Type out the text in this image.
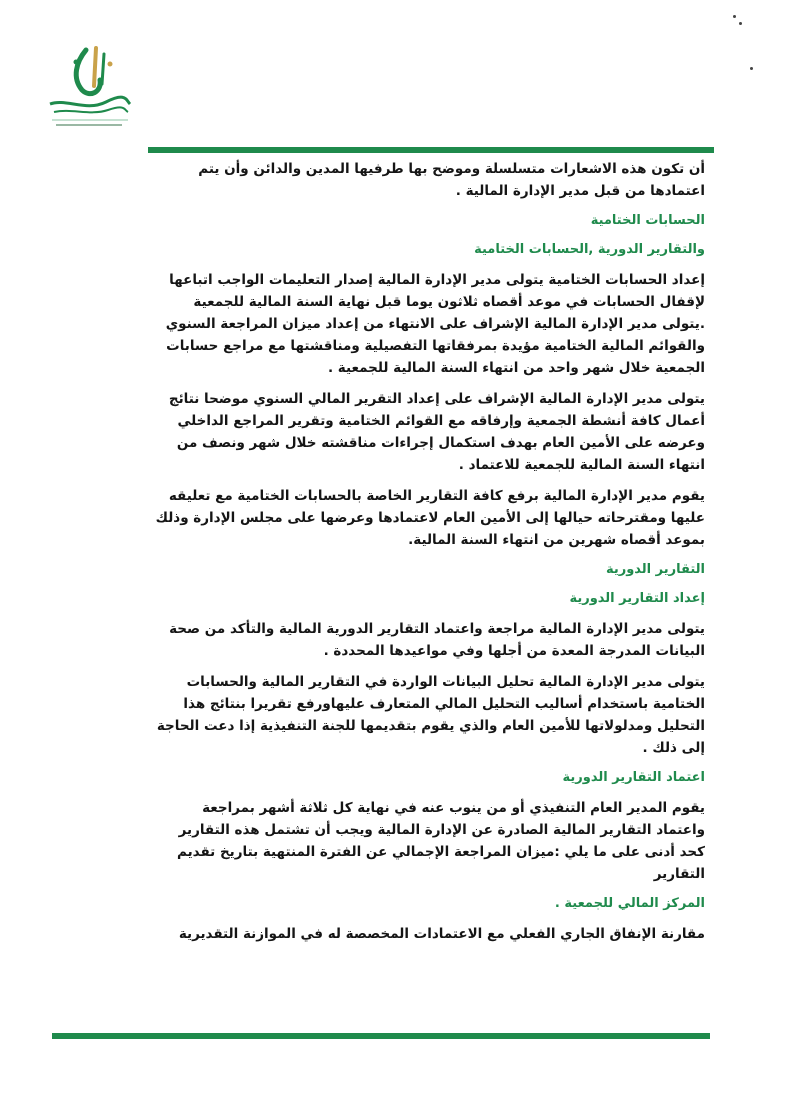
أن تكون هذه الاشعارات متسلسلة وموضح بها طرفيها المدين والدائن وأن يتم اعتمادها من قبل مدير الإدارة المالية .

الحسابات الختامية

والتقارير الدورية ,الحسابات الختامية

إعداد الحسابات الختامية يتولى مدير الإدارة المالية إصدار التعليمات الواجب اتباعها لإقفال الحسابات في موعد أقصاه ثلاثون يوما قبل نهاية السنة المالية للجمعية .يتولى مدير الإدارة المالية الإشراف على الانتهاء من إعداد ميزان المراجعة السنوي والقوائم المالية الختامية مؤيدة بمرفقاتها التفصيلية ومناقشتها مع مراجع حسابات الجمعية خلال شهر واحد من انتهاء السنة المالية للجمعية .

يتولى مدير الإدارة المالية الإشراف على إعداد التقرير المالي السنوي موضحا نتائج أعمال كافة أنشطة الجمعية وإرفاقه مع القوائم الختامية وتقرير المراجع الداخلي وعرضه على الأمين العام بهدف استكمال إجراءات مناقشته خلال شهر ونصف من انتهاء السنة المالية للجمعية للاعتماد .

يقوم مدير الإدارة المالية برفع كافة التقارير الخاصة بالحسابات الختامية مع تعليقه عليها ومقترحاته حيالها إلى الأمين العام لاعتمادها وعرضها على مجلس الإدارة وذلك بموعد أقصاه شهرين من انتهاء السنة المالية.

التقارير الدورية

إعداد التقارير الدورية

يتولى مدير الإدارة المالية مراجعة واعتماد التقارير الدورية المالية والتأكد من صحة البيانات المدرجة المعدة من أجلها وفي مواعيدها المحددة .

يتولى مدير الإدارة المالية تحليل البيانات الواردة في التقارير المالية والحسابات الختامية باستخدام أساليب التحليل المالي المتعارف عليهاورفع تقريرا بنتائج هذا التحليل ومدلولاتها للأمين العام والذي يقوم بتقديمها للجنة التنفيذية إذا دعت الحاجة إلى ذلك .

اعتماد التقارير الدورية

يقوم المدير العام التنفيذي أو من ينوب عنه في نهاية كل ثلاثة أشهر بمراجعة واعتماد التقارير المالية الصادرة عن الإدارة المالية ويجب أن تشتمل هذه التقارير كحد أدنى على ما يلي :ميزان المراجعة الإجمالي عن الفترة المنتهية بتاريخ تقديم التقارير

المركز المالي للجمعية .

مقارنة الإنفاق الجاري الفعلي مع الاعتمادات المخصصة له في الموازنة التقديرية
